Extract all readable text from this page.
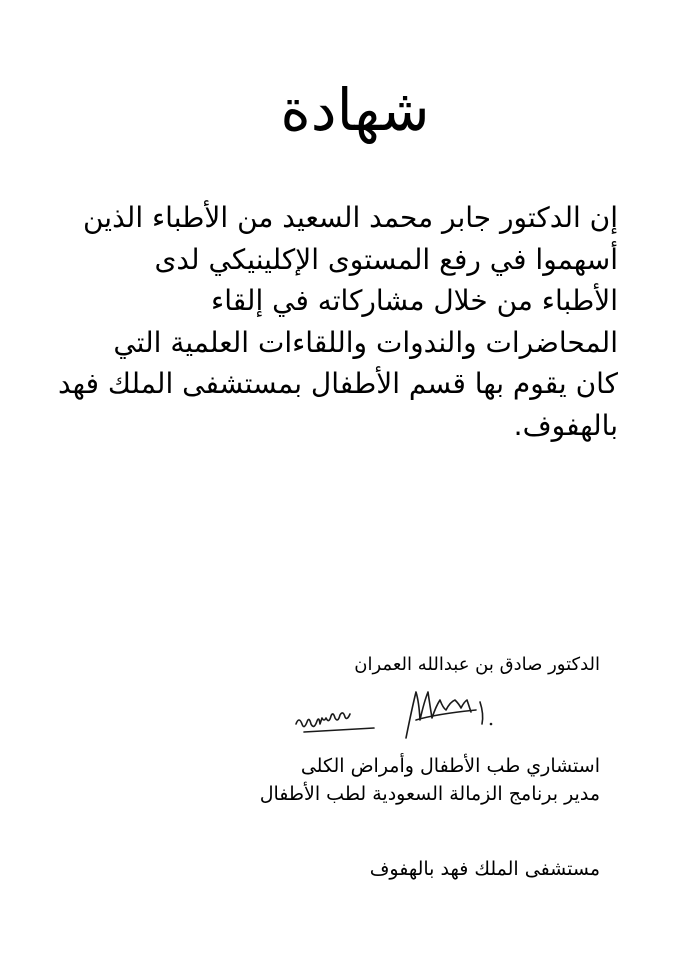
شهادة
إن الدكتور جابر محمد السعيد من الأطباء الذين
أسهموا في رفع المستوى الإكلينيكي لدى
الأطباء من خلال مشاركاته في إلقاء
المحاضرات والندوات واللقاءات العلمية التي
كان يقوم بها قسم الأطفال بمستشفى الملك فهد
بالهفوف.
الدكتور صادق بن عبدالله العمران
استشاري طب الأطفال وأمراض الكلى
مدير برنامج الزمالة السعودية لطب الأطفال
مستشفى الملك فهد بالهفوف
